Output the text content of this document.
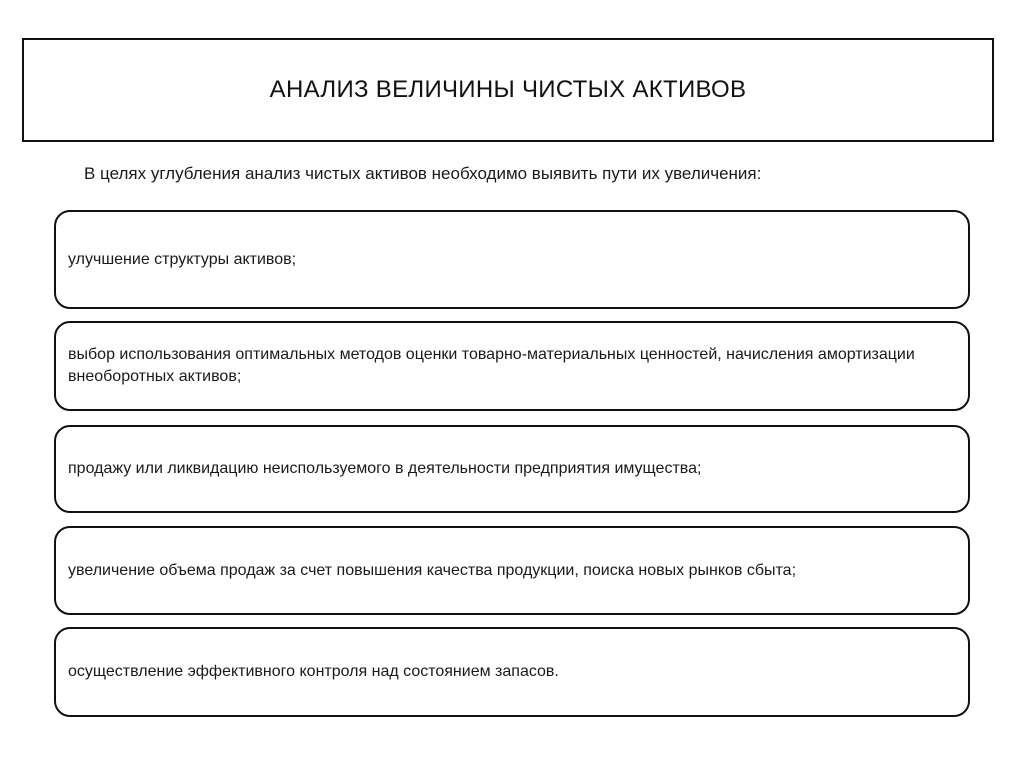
АНАЛИЗ ВЕЛИЧИНЫ ЧИСТЫХ АКТИВОВ
В целях углубления анализ чистых активов необходимо выявить пути их увеличения:
улучшение структуры активов;
выбор использования оптимальных методов оценки товарно-материальных ценностей, начисления амортизации внеоборотных активов;
продажу или ликвидацию неиспользуемого в деятельности предприятия имущества;
увеличение объема продаж за счет повышения качества продукции, поиска новых рынков сбыта;
осуществление эффективного контроля над состоянием запасов.
